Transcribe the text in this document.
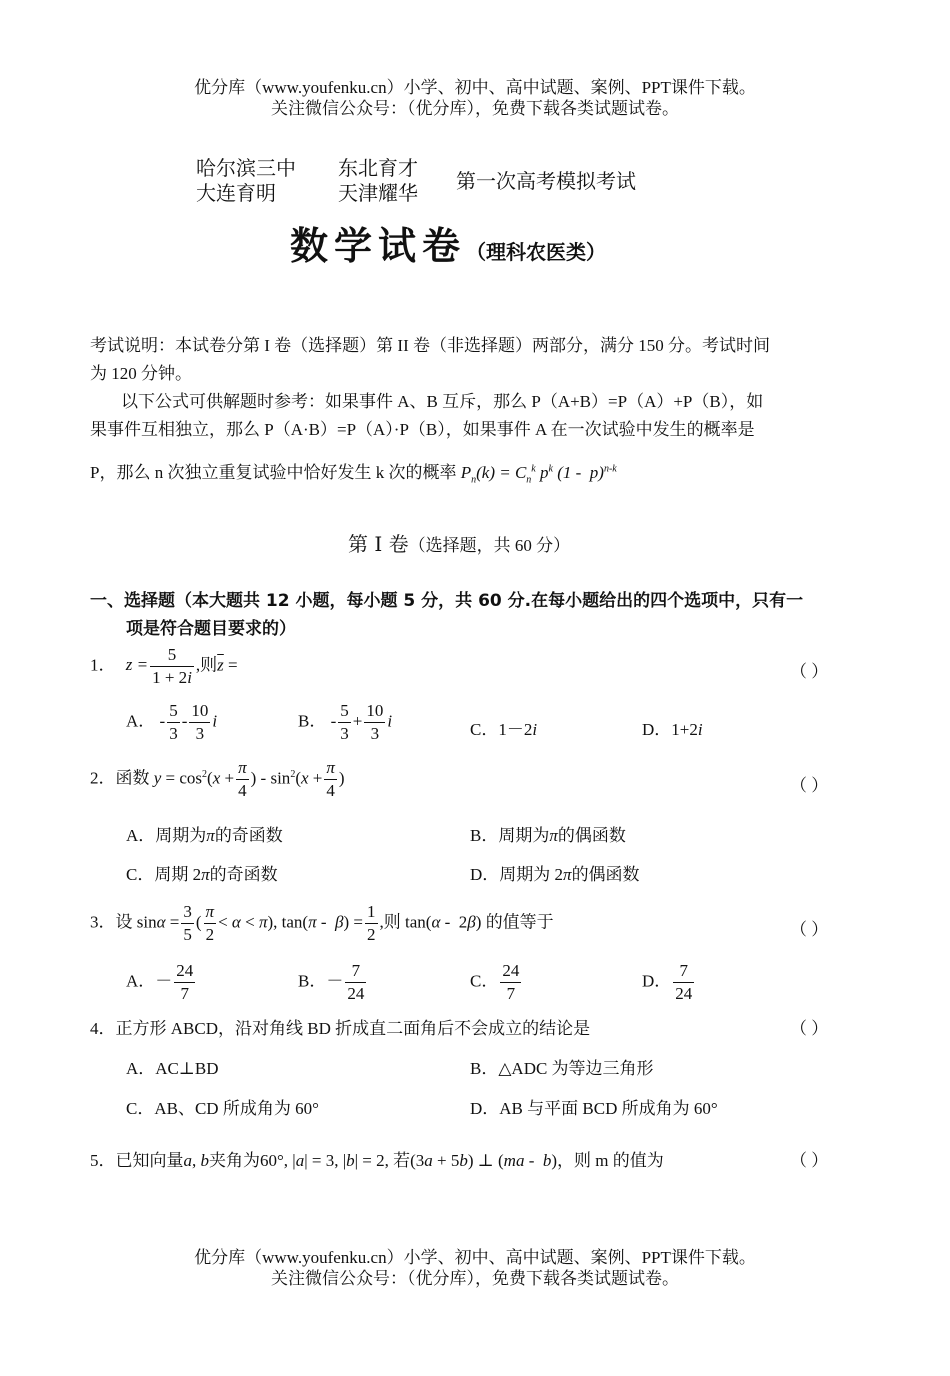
优分库（www.youfenku.cn）小学、初中、高中试题、案例、PPT课件下载。
关注微信公众号：（优分库），免费下载各类试题试卷。
哈尔滨三中 东北育才
大连育明	天津耀华 第一次高考模拟考试
数学试卷（理科农医类）
考试说明：本试卷分第 I 卷（选择题）第 II 卷（非选择题）两部分，满分 150 分。考试时间
为 120 分钟。
以下公式可供解题时参考：如果事件 A、B 互斥，那么 P（A+B）=P（A）+P（B），如
果事件互相独立，那么 P（A·B）=P（A）·P（B），如果事件 A 在一次试验中发生的概率是
P，那么 n 次独立重复试验中恰好发生 k 次的概率 $P_n(k) = C_n^k$ $p^k$ (1 -  p)$^{n-k}$
第 I 卷（选择题，共 60 分）
一、选择题（本大题共 12 小题，每小题 5 分，共 60 分.在每小题给出的四个选项中，只有一
项是符合题目要求的）
1． $z = \frac{5}{1 + 2i}$ ,则$\overline{z}$ =	（ ）
A． - $\frac{5}{3} - \frac{10}{3}$ i	B． - $\frac{5}{3} + \frac{10}{3}$ i	C．1－2i	D．1+2i
2．函数 $y = \cos^2(x + \frac{\pi}{4}$ ) - $\sin^2(x + \frac{\pi}{4}$ )	（ ）
A．周期为π的奇函数	B．周期为π的偶函数
C．周期 2π的奇函数	D．周期为 2π的偶函数
3．设 $\sin\alpha = \frac{3}{5}$ ( $\frac{\pi}{2} < \alpha < \pi$), $\tan(\pi - \beta) = \frac{1}{2}$ ,则 tan(α -  2β) 的值等于	（ ）
A．－ $\frac{24}{7}$	B．－ $\frac{7}{24}$	C． $\frac{24}{7}$	D． $\frac{7}{24}$
4．正方形 ABCD，沿对角线 BD 折成直二面角后不会成立的结论是	（ ）
A．AC⊥BD	B．△ADC 为等边三角形
C．AB、CD 所成角为 60°	D．AB 与平面 BCD 所成角为 60°
5．已知向量a, b夹角为60°, |a| = 3, |b| = 2, 若(3a + 5b) ⊥ (ma -  b)，则 m 的值为	（ ）
优分库（www.youfenku.cn）小学、初中、高中试题、案例、PPT课件下载。
关注微信公众号：（优分库），免费下载各类试题试卷。
